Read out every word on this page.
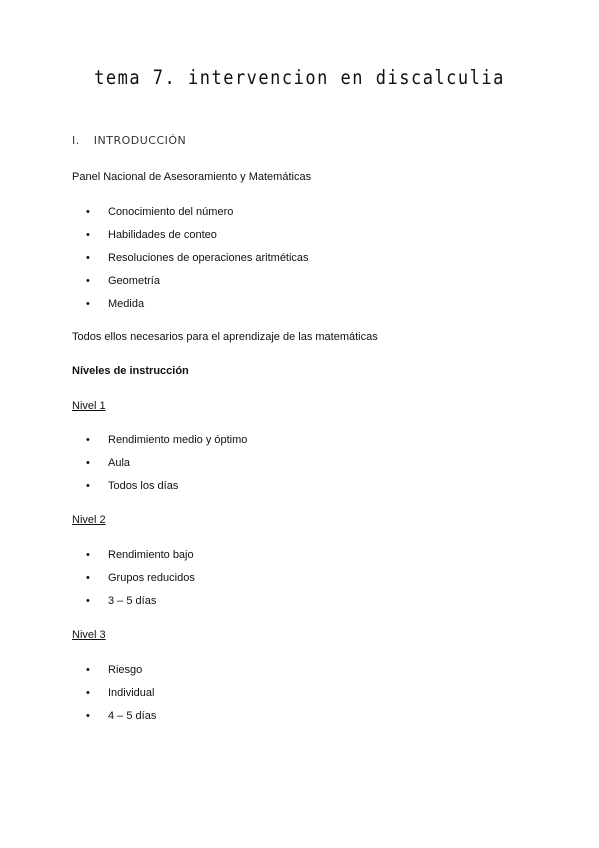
tema 7. intervencion en discalculia
I. INTRODUCCIÓN
Panel Nacional de Asesoramiento y Matemáticas
• Conocimiento del número
• Habilidades de conteo
• Resoluciones de operaciones aritméticas
• Geometría
• Medida
Todos ellos necesarios para el aprendizaje de las matemáticas
Níveles de instrucción
Nivel 1
• Rendimiento medio y óptimo
• Aula
• Todos los días
Nivel 2
• Rendimiento bajo
• Grupos reducidos
• 3 – 5 días
Nivel 3
• Riesgo
• Individual
• 4 – 5 días
